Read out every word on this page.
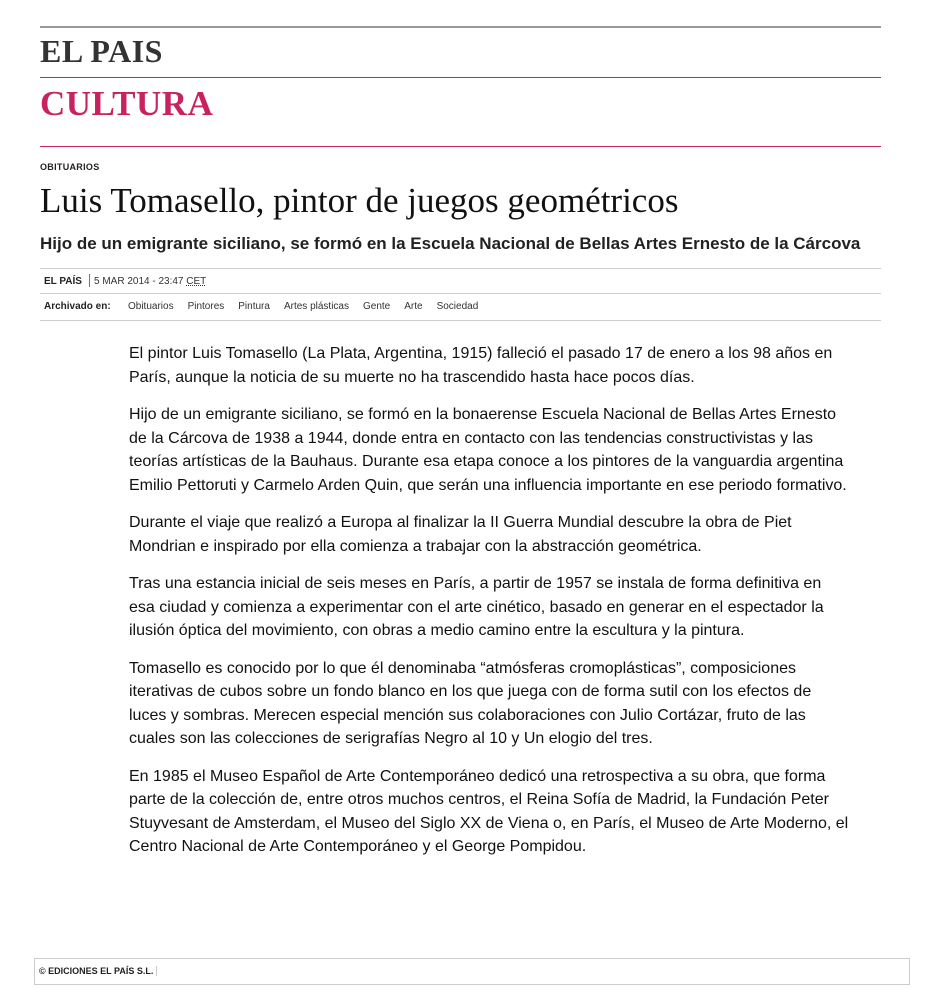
EL PAIS
CULTURA
OBITUARIOS
Luis Tomasello, pintor de juegos geométricos
Hijo de un emigrante siciliano, se formó en la Escuela Nacional de Bellas Artes Ernesto de la Cárcova
EL PAÍS 5 MAR 2014 - 23:47 CET
Archivado en: Obituarios Pintores Pintura Artes plásticas Gente Arte Sociedad

El pintor Luis Tomasello (La Plata, Argentina, 1915) falleció el pasado 17 de enero a los 98 años en París, aunque la noticia de su muerte no ha trascendido hasta hace pocos días.

Hijo de un emigrante siciliano, se formó en la bonaerense Escuela Nacional de Bellas Artes Ernesto de la Cárcova de 1938 a 1944, donde entra en contacto con las tendencias constructivistas y las teorías artísticas de la Bauhaus. Durante esa etapa conoce a los pintores de la vanguardia argentina Emilio Pettoruti y Carmelo Arden Quin, que serán una influencia importante en ese periodo formativo.

Durante el viaje que realizó a Europa al finalizar la II Guerra Mundial descubre la obra de Piet Mondrian e inspirado por ella comienza a trabajar con la abstracción geométrica.

Tras una estancia inicial de seis meses en París, a partir de 1957 se instala de forma definitiva en esa ciudad y comienza a experimentar con el arte cinético, basado en generar en el espectador la ilusión óptica del movimiento, con obras a medio camino entre la escultura y la pintura.

Tomasello es conocido por lo que él denominaba “atmósferas cromoplásticas”, composiciones iterativas de cubos sobre un fondo blanco en los que juega con de forma sutil con los efectos de luces y sombras. Merecen especial mención sus colaboraciones con Julio Cortázar, fruto de las cuales son las colecciones de serigrafías Negro al 10 y Un elogio del tres.

En 1985 el Museo Español de Arte Contemporáneo dedicó una retrospectiva a su obra, que forma parte de la colección de, entre otros muchos centros, el Reina Sofía de Madrid, la Fundación Peter Stuyvesant de Amsterdam, el Museo del Siglo XX de Viena o, en París, el Museo de Arte Moderno, el Centro Nacional de Arte Contemporáneo y el George Pompidou.

© EDICIONES EL PAÍS S.L.
